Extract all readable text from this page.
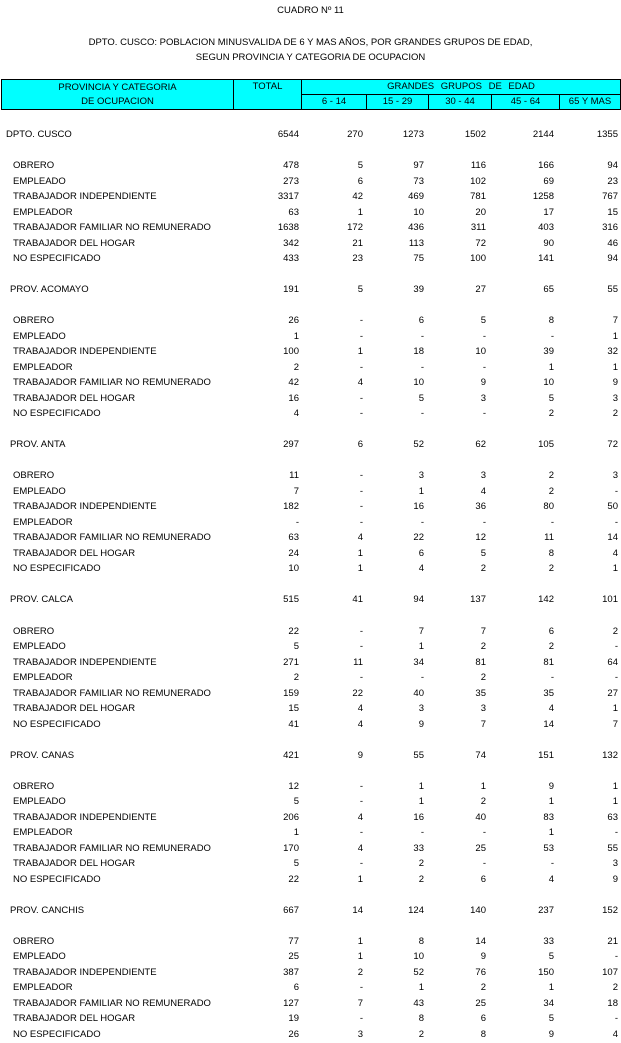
CUADRO Nº 11
DPTO. CUSCO: POBLACION MINUSVALIDA DE 6 Y MAS AÑOS, POR GRANDES GRUPOS DE EDAD,
SEGUN PROVINCIA Y CATEGORIA DE OCUPACION
PROVINCIA Y CATEGORIA
DE OCUPACION	TOTAL	GRANDES GRUPOS DE EDAD				
		6 - 14	15 - 29	30 - 44	45 - 64	65 Y MAS
DPTO. CUSCO	6544	270	1273	1502	2144	1355
OBRERO	478	5	97	116	166	94
EMPLEADO	273	6	73	102	69	23
TRABAJADOR INDEPENDIENTE	3317	42	469	781	1258	767
EMPLEADOR	63	1	10	20	17	15
TRABAJADOR FAMILIAR NO REMUNERADO	1638	172	436	311	403	316
TRABAJADOR DEL HOGAR	342	21	113	72	90	46
NO ESPECIFICADO	433	23	75	100	141	94
PROV. ACOMAYO	191	5	39	27	65	55
OBRERO	26	-	6	5	8	7
EMPLEADO	1	-	-	-	-	1
TRABAJADOR INDEPENDIENTE	100	1	18	10	39	32
EMPLEADOR	2	-	-	-	1	1
TRABAJADOR FAMILIAR NO REMUNERADO	42	4	10	9	10	9
TRABAJADOR DEL HOGAR	16	-	5	3	5	3
NO ESPECIFICADO	4	-	-	-	2	2
PROV. ANTA	297	6	52	62	105	72
OBRERO	11	-	3	3	2	3
EMPLEADO	7	-	1	4	2	-
TRABAJADOR INDEPENDIENTE	182	-	16	36	80	50
EMPLEADOR	-	-	-	-	-	-
TRABAJADOR FAMILIAR NO REMUNERADO	63	4	22	12	11	14
TRABAJADOR DEL HOGAR	24	1	6	5	8	4
NO ESPECIFICADO	10	1	4	2	2	1
PROV. CALCA	515	41	94	137	142	101
OBRERO	22	-	7	7	6	2
EMPLEADO	5	-	1	2	2	-
TRABAJADOR INDEPENDIENTE	271	11	34	81	81	64
EMPLEADOR	2	-	-	2	-	-
TRABAJADOR FAMILIAR NO REMUNERADO	159	22	40	35	35	27
TRABAJADOR DEL HOGAR	15	4	3	3	4	1
NO ESPECIFICADO	41	4	9	7	14	7
PROV. CANAS	421	9	55	74	151	132
OBRERO	12	-	1	1	9	1
EMPLEADO	5	-	1	2	1	1
TRABAJADOR INDEPENDIENTE	206	4	16	40	83	63
EMPLEADOR	1	-	-	-	1	-
TRABAJADOR FAMILIAR NO REMUNERADO	170	4	33	25	53	55
TRABAJADOR DEL HOGAR	5	-	2	-	-	3
NO ESPECIFICADO	22	1	2	6	4	9
PROV. CANCHIS	667	14	124	140	237	152
OBRERO	77	1	8	14	33	21
EMPLEADO	25	1	10	9	5	-
TRABAJADOR INDEPENDIENTE	387	2	52	76	150	107
EMPLEADOR	6	-	1	2	1	2
TRABAJADOR FAMILIAR NO REMUNERADO	127	7	43	25	34	18
TRABAJADOR DEL HOGAR	19	-	8	6	5	-
NO ESPECIFICADO	26	3	2	8	9	4
